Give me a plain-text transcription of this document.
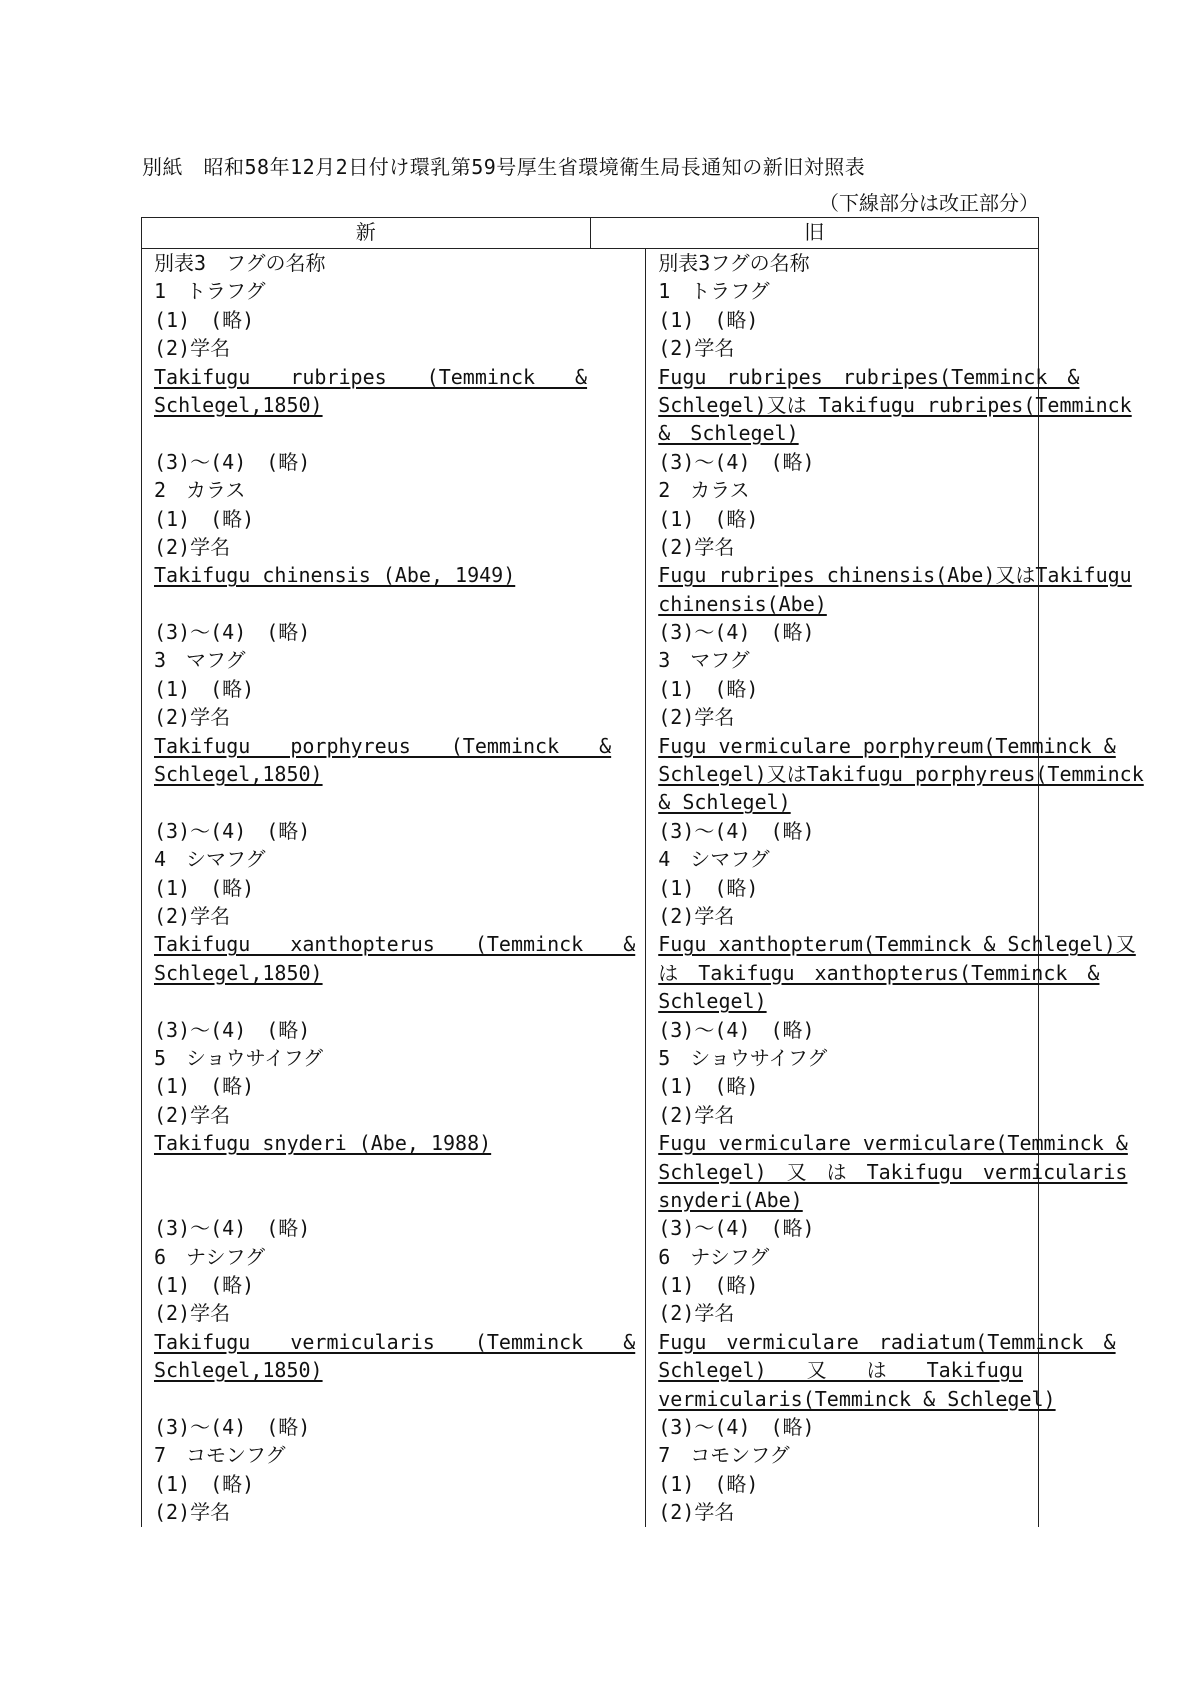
別紙　昭和58年12月2日付け環乳第59号厚生省環境衛生局長通知の新旧対照表
（下線部分は改正部分）
新	旧
別表3　フグの名称
1　トラフグ
(1)　(略)
(2)学名
Takifugu　　rubripes　　(Temminck　　&
Schlegel,1850)
(3)～(4)　(略)
2　カラス
(1)　(略)
(2)学名
Takifugu chinensis (Abe, 1949)
(3)～(4)　(略)
3　マフグ
(1)　(略)
(2)学名
Takifugu　　porphyreus　　(Temminck　　&
Schlegel,1850)
(3)～(4)　(略)
4　シマフグ
(1)　(略)
(2)学名
Takifugu　　xanthopterus　　(Temminck　　&
Schlegel,1850)
(3)～(4)　(略)
5　ショウサイフグ
(1)　(略)
(2)学名
Takifugu snyderi (Abe, 1988)
(3)～(4)　(略)
6　ナシフグ
(1)　(略)
(2)学名
Takifugu　　vermicularis　　(Temminck　　&
Schlegel,1850)
(3)～(4)　(略)
7　コモンフグ
(1)　(略)
(2)学名
別表3フグの名称
1　トラフグ
(1)　(略)
(2)学名
Fugu　rubripes　rubripes(Temminck　&
Schlegel)又は Takifugu rubripes(Temminck
&　Schlegel)
(3)～(4)　(略)
2　カラス
(1)　(略)
(2)学名
Fugu rubripes chinensis(Abe)又はTakifugu
chinensis(Abe)
(3)～(4)　(略)
3　マフグ
(1)　(略)
(2)学名
Fugu vermiculare porphyreum(Temminck &
Schlegel)又はTakifugu porphyreus(Temminck
& Schlegel)
(3)～(4)　(略)
4　シマフグ
(1)　(略)
(2)学名
Fugu xanthopterum(Temminck & Schlegel)又
は　Takifugu　xanthopterus(Temminck　&
Schlegel)
(3)～(4)　(略)
5　ショウサイフグ
(1)　(略)
(2)学名
Fugu vermiculare vermiculare(Temminck &
Schlegel)　又　は　Takifugu　vermicularis
snyderi(Abe)
(3)～(4)　(略)
6　ナシフグ
(1)　(略)
(2)学名
Fugu　vermiculare　radiatum(Temminck　&
Schlegel)　　又　　は　　Takifugu
vermicularis(Temminck & Schlegel)
(3)～(4)　(略)
7　コモンフグ
(1)　(略)
(2)学名
